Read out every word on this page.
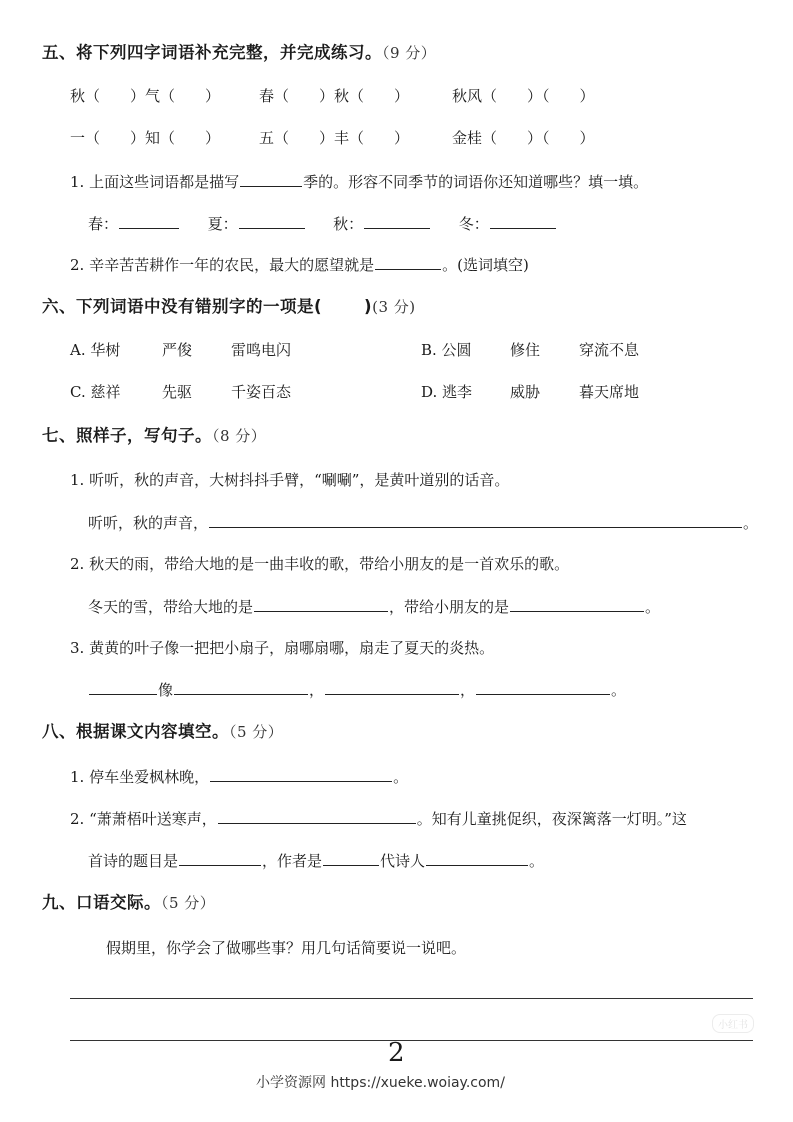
五、将下列四字词语补充完整，并完成练习。（9 分）
秋（　　）气（　　）	春（　　）秋（　　）	秋风（　　）（　　）
一（　　）知（　　）	五（　　）丰（　　）	金桂（　　）（　　）
1. 上面这些词语都是描写	季的。形容不同季节的词语你还知道哪些？填一填。
春：	夏：	秋：	冬：
2. 辛辛苦苦耕作一年的农民，最大的愿望就是	。(选词填空)
六、下列词语中没有错别字的一项是(	)(3 分)
A. 华树	严俊	雷鸣电闪	B. 公圆	修住	穿流不息
C. 慈祥	先驱	千姿百态	D. 逃李	威胁	暮天席地
七、照样子，写句子。（8 分）
1. 听听，秋的声音，大树抖抖手臂，“唰唰”，是黄叶道别的话音。
听听，秋的声音，	。
2. 秋天的雨，带给大地的是一曲丰收的歌，带给小朋友的是一首欢乐的歌。
冬天的雪，带给大地的是	，带给小朋友的是	。
3. 黄黄的叶子像一把把小扇子，扇哪扇哪，扇走了夏天的炎热。
像	，	，	。
八、根据课文内容填空。（5 分）
1. 停车坐爱枫林晚，	。
2. “萧萧梧叶送寒声，	。知有儿童挑促织，夜深篱落一灯明。”这
首诗的题目是	，作者是	代诗人	。
九、口语交际。（5 分）
假期里，你学会了做哪些事？用几句话简要说一说吧。
小红书
2
小学资源网 https://xueke.woiay.com/
